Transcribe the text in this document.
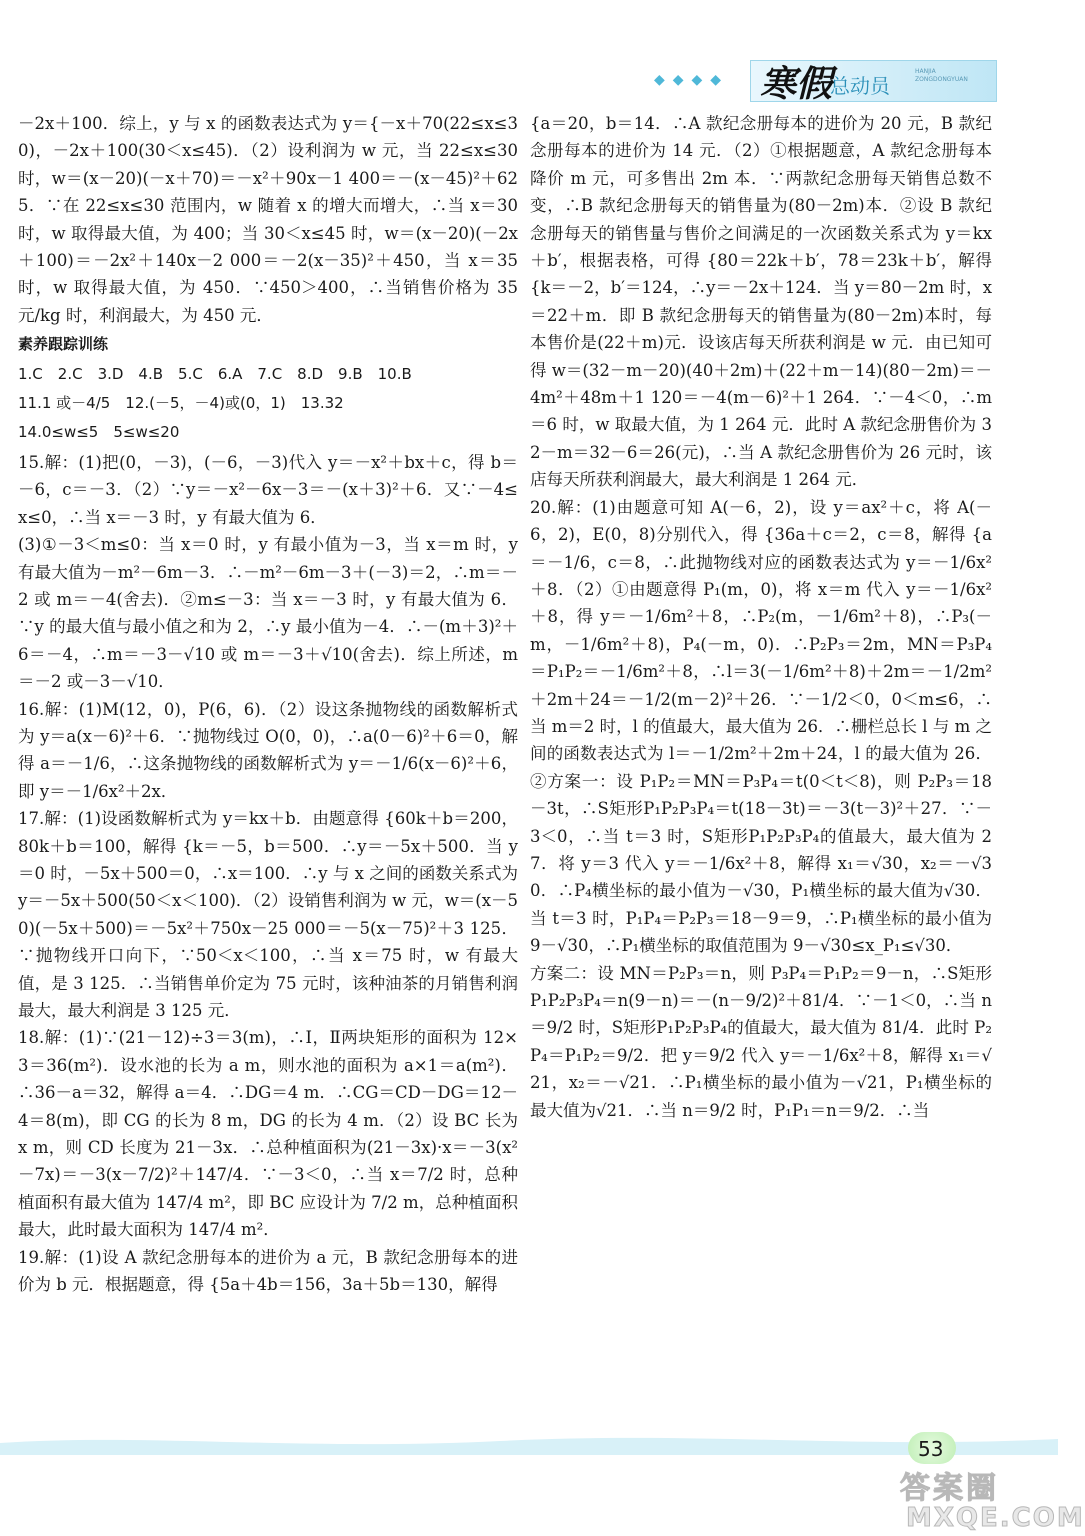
◆◆◆◆ 寒假
总动员
HANJIA ZONGDONGYUAN

－2x＋100．综上，y 与 x 的函数表达式为 y＝{－x＋70(22≤x≤30)，－2x＋100(30＜x≤45)．（2）设利润为 w 元，当 22≤x≤30 时，w＝(x－20)(－x＋70)＝－x²＋90x－1 400＝－(x－45)²＋625．∵在 22≤x≤30 范围内，w 随着 x 的增大而增大，∴当 x＝30 时，w 取得最大值，为 400；当 30＜x≤45 时，w＝(x－20)(－2x＋100)＝－2x²＋140x－2 000＝－2(x－35)²＋450，当 x＝35 时，w 取得最大值，为 450．∵450＞400，∴当销售价格为 35 元/kg 时，利润最大，为 450 元．

素养跟踪训练

1.C　2.C　3.D　4.B　5.C　6.A　7.C　8.D　9.B　10.B

11.1 或－4/5　12.(－5，－4)或(0，1)　13.32

14.0≤w≤5　5≤w≤20

15.解：(1)把(0，－3)，(－6，－3)代入 y＝－x²＋bx＋c，得 b＝－6，c＝－3．（2）∵y＝－x²－6x－3＝－(x＋3)²＋6．又∵－4≤x≤0，∴当 x＝－3 时，y 有最大值为 6．

(3)①－3＜m≤0：当 x＝0 时，y 有最小值为－3，当 x＝m 时，y 有最大值为－m²－6m－3．∴－m²－6m－3＋(－3)＝2，∴m＝－2 或 m＝－4(舍去)．②m≤－3：当 x＝－3 时，y 有最大值为 6．∵y 的最大值与最小值之和为 2，∴y 最小值为－4．∴－(m＋3)²＋6＝－4，∴m＝－3－√10 或 m＝－3＋√10(舍去)．综上所述，m＝－2 或－3－√10．

16.解：(1)M(12，0)，P(6，6)．（2）设这条抛物线的函数解析式为 y＝a(x－6)²＋6．∵抛物线过 O(0，0)，∴a(0－6)²＋6＝0，解得 a＝－1/6，∴这条抛物线的函数解析式为 y＝－1/6(x－6)²＋6，即 y＝－1/6x²＋2x．

17.解：(1)设函数解析式为 y＝kx＋b．由题意得 {60k＋b＝200，80k＋b＝100，解得 {k＝－5，b＝500．∴y＝－5x＋500．当 y＝0 时，－5x＋500＝0，∴x＝100．∴y 与 x 之间的函数关系式为 y＝－5x＋500(50＜x＜100)．（2）设销售利润为 w 元，w＝(x－50)(－5x＋500)＝－5x²＋750x－25 000＝－5(x－75)²＋3 125．∵抛物线开口向下，∵50＜x＜100，∴当 x＝75 时，w 有最大值，是 3 125．∴当销售单价定为 75 元时，该种油茶的月销售利润最大，最大利润是 3 125 元．

18.解：(1)∵(21－12)÷3＝3(m)，∴Ⅰ，Ⅱ两块矩形的面积为 12×3＝36(m²)．设水池的长为 a m，则水池的面积为 a×1＝a(m²)．∴36－a＝32，解得 a＝4．∴DG＝4 m．∴CG＝CD－DG＝12－4＝8(m)，即 CG 的长为 8 m，DG 的长为 4 m．（2）设 BC 长为 x m，则 CD 长度为 21－3x．∴总种植面积为(21－3x)·x＝－3(x²－7x)＝－3(x－7/2)²＋147/4．∵－3＜0，∴当 x＝7/2 时，总种植面积有最大值为 147/4 m²，即 BC 应设计为 7/2 m，总种植面积最大，此时最大面积为 147/4 m²．

19.解：(1)设 A 款纪念册每本的进价为 a 元，B 款纪念册每本的进价为 b 元．根据题意，得 {5a＋4b＝156，3a＋5b＝130，解得

{a＝20，b＝14．∴A 款纪念册每本的进价为 20 元，B 款纪念册每本的进价为 14 元．（2）①根据题意，A 款纪念册每本降价 m 元，可多售出 2m 本．∵两款纪念册每天销售总数不变，∴B 款纪念册每天的销售量为(80－2m)本．②设 B 款纪念册每天的销售量与售价之间满足的一次函数关系式为 y＝kx＋b′，根据表格，可得 {80＝22k＋b′，78＝23k＋b′，解得 {k＝－2，b′＝124，∴y＝－2x＋124．当 y＝80－2m 时，x＝22＋m．即 B 款纪念册每天的销售量为(80－2m)本时，每本售价是(22＋m)元．设该店每天所获利润是 w 元．由已知可得 w＝(32－m－20)(40＋2m)＋(22＋m－14)(80－2m)＝－4m²＋48m＋1 120＝－4(m－6)²＋1 264．∵－4＜0，∴m＝6 时，w 取最大值，为 1 264 元．此时 A 款纪念册售价为 32－m＝32－6＝26(元)，∴当 A 款纪念册售价为 26 元时，该店每天所获利润最大，最大利润是 1 264 元．

20.解：(1)由题意可知 A(－6，2)，设 y＝ax²＋c，将 A(－6，2)，E(0，8)分别代入，得 {36a＋c＝2，c＝8，解得 {a＝－1/6，c＝8，∴此抛物线对应的函数表达式为 y＝－1/6x²＋8．（2）①由题意得 P₁(m，0)，将 x＝m 代入 y＝－1/6x²＋8，得 y＝－1/6m²＋8，∴P₂(m，－1/6m²＋8)，∴P₃(－m，－1/6m²＋8)，P₄(－m，0)．∴P₂P₃＝2m，MN＝P₃P₄＝P₁P₂＝－1/6m²＋8，∴l＝3(－1/6m²＋8)＋2m＝－1/2m²＋2m＋24＝－1/2(m－2)²＋26．∵－1/2＜0，0＜m≤6，∴当 m＝2 时，l 的值最大，最大值为 26．∴栅栏总长 l 与 m 之间的函数表达式为 l＝－1/2m²＋2m＋24，l 的最大值为 26．②方案一：设 P₁P₂＝MN＝P₃P₄＝t(0＜t＜8)，则 P₂P₃＝18－3t，∴S矩形P₁P₂P₃P₄＝t(18－3t)＝－3(t－3)²＋27．∵－3＜0，∴当 t＝3 时，S矩形P₁P₂P₃P₄的值最大，最大值为 27．将 y＝3 代入 y＝－1/6x²＋8，解得 x₁＝√30，x₂＝－√30．∴P₄横坐标的最小值为－√30，P₁横坐标的最大值为√30．当 t＝3 时，P₁P₄＝P₂P₃＝18－9＝9，∴P₁横坐标的最小值为 9－√30，∴P₁横坐标的取值范围为 9－√30≤x_P₁≤√30．

方案二：设 MN＝P₂P₃＝n，则 P₃P₄＝P₁P₂＝9－n，∴S矩形P₁P₂P₃P₄＝n(9－n)＝－(n－9/2)²＋81/4．∵－1＜0，∴当 n＝9/2 时，S矩形P₁P₂P₃P₄的值最大，最大值为 81/4．此时 P₂P₄＝P₁P₂＝9/2．把 y＝9/2 代入 y＝－1/6x²＋8，解得 x₁＝√21，x₂＝－√21．∴P₁横坐标的最小值为－√21，P₁横坐标的最大值为√21．∴当 n＝9/2 时，P₁P₁＝n＝9/2．∴当

53
答案圈
MXQE.COM
